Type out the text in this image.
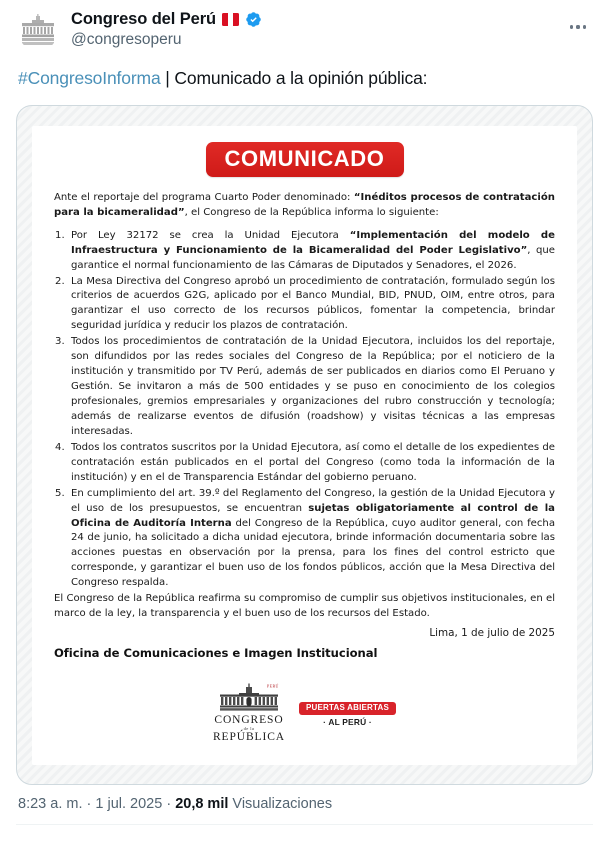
Congreso del Perú
@congresoperu
#CongresoInforma | Comunicado a la opinión pública:
COMUNICADO

Ante el reportaje del programa Cuarto Poder denominado: “Inéditos procesos de contratación para la bicameralidad”, el Congreso de la República informa lo siguiente:

Por Ley 32172 se crea la Unidad Ejecutora “Implementación del modelo de Infraestructura y Funcionamiento de la Bicameralidad del Poder Legislativo”, que garantice el normal funcionamiento de las Cámaras de Diputados y Senadores, el 2026.
La Mesa Directiva del Congreso aprobó un procedimiento de contratación, formulado según los criterios de acuerdos G2G, aplicado por el Banco Mundial, BID, PNUD, OIM, entre otros, para garantizar el uso correcto de los recursos públicos, fomentar la competencia, brindar seguridad jurídica y reducir los plazos de contratación.
Todos los procedimientos de contratación de la Unidad Ejecutora, incluidos los del reportaje, son difundidos por las redes sociales del Congreso de la República; por el noticiero de la institución y transmitido por TV Perú, además de ser publicados en diarios como El Peruano y Gestión. Se invitaron a más de 500 entidades y se puso en conocimiento de los colegios profesionales, gremios empresariales y organizaciones del rubro construcción y tecnología; además de realizarse eventos de difusión (roadshow) y visitas técnicas a las empresas interesadas.
Todos los contratos suscritos por la Unidad Ejecutora, así como el detalle de los expedientes de contratación están publicados en el portal del Congreso (como toda la información de la institución) y en el de Transparencia Estándar del gobierno peruano.
En cumplimiento del art. 39.º del Reglamento del Congreso, la gestión de la Unidad Ejecutora y el uso de los presupuestos, se encuentran sujetas obligatoriamente al control de la Oficina de Auditoría Interna del Congreso de la República, cuyo auditor general, con fecha 24 de junio, ha solicitado a dicha unidad ejecutora, brinde información documentaria sobre las acciones puestas en observación por la prensa, para los fines del control estricto que corresponde, y garantizar el buen uso de los fondos públicos, acción que la Mesa Directiva del Congreso respalda.

El Congreso de la República reafirma su compromiso de cumplir sus objetivos institucionales, en el marco de la ley, la transparencia y el buen uso de los recursos del Estado.

Lima, 1 de julio de 2025

Oficina de Comunicaciones e Imagen Institucional

PERÚ
CONGRESO
de la
REPÚBLICA
PUERTAS ABIERTAS
· AL PERÚ ·
8:23 a. m. · 1 jul. 2025 · 20,8 mil Visualizaciones
